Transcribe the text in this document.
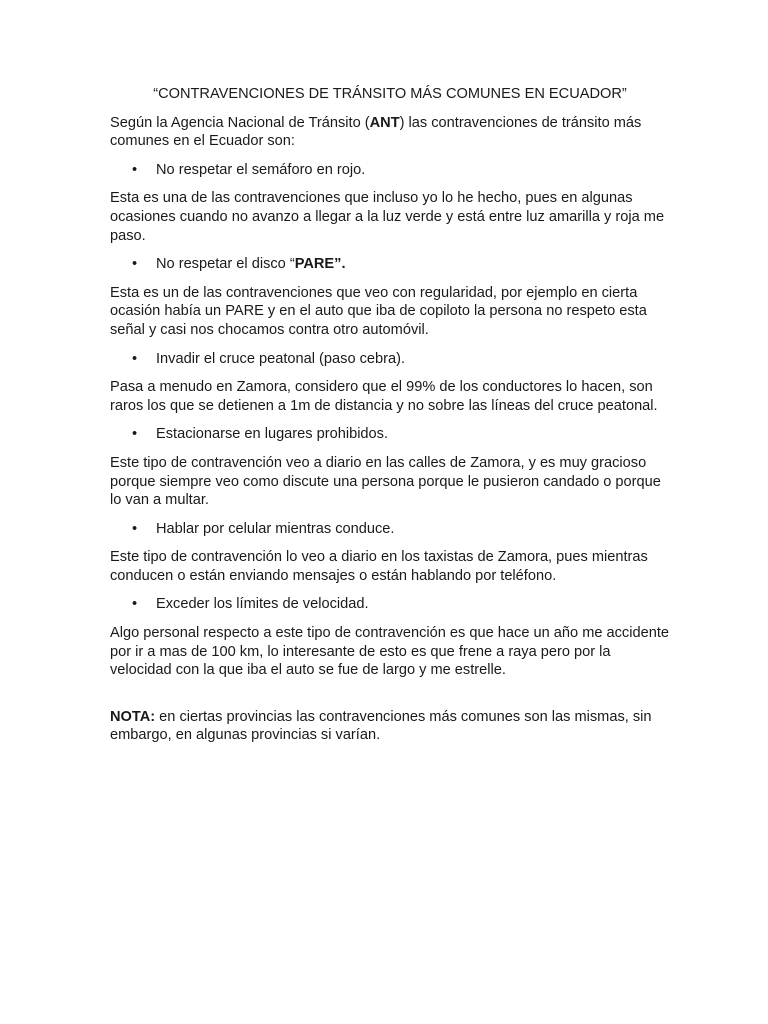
“CONTRAVENCIONES DE TRÁNSITO MÁS COMUNES EN ECUADOR”

Según la Agencia Nacional de Tránsito (ANT) las contravenciones de tránsito más comunes en el Ecuador son:

• No respetar el semáforo en rojo.

Esta es una de las contravenciones que incluso yo lo he hecho, pues en algunas ocasiones cuando no avanzo a llegar a la luz verde y está entre luz amarilla y roja me paso.

• No respetar el disco “PARE”.

Esta es un de las contravenciones que veo con regularidad, por ejemplo en cierta ocasión había un PARE y en el auto que iba de copiloto la persona no respeto esta señal y casi nos chocamos contra otro automóvil.

• Invadir el cruce peatonal (paso cebra).

Pasa a menudo en Zamora, considero que el 99% de los conductores lo hacen, son raros los que se detienen a 1m de distancia y no sobre las líneas del cruce peatonal.

• Estacionarse en lugares prohibidos.

Este tipo de contravención veo a diario en las calles de Zamora, y es muy gracioso porque siempre veo como discute una persona porque le pusieron candado o porque lo van a multar.

• Hablar por celular mientras conduce.

Este tipo de contravención lo veo a diario en los taxistas de Zamora, pues mientras conducen o están enviando mensajes o están hablando por teléfono.

• Exceder los límites de velocidad.

Algo personal respecto a este tipo de contravención es que hace un año me accidente por ir a mas de 100 km, lo interesante de esto es que frene a raya pero por la velocidad con la que iba el auto se fue de largo y me estrelle.

NOTA: en ciertas provincias las contravenciones más comunes son las mismas, sin embargo, en algunas provincias si varían.
